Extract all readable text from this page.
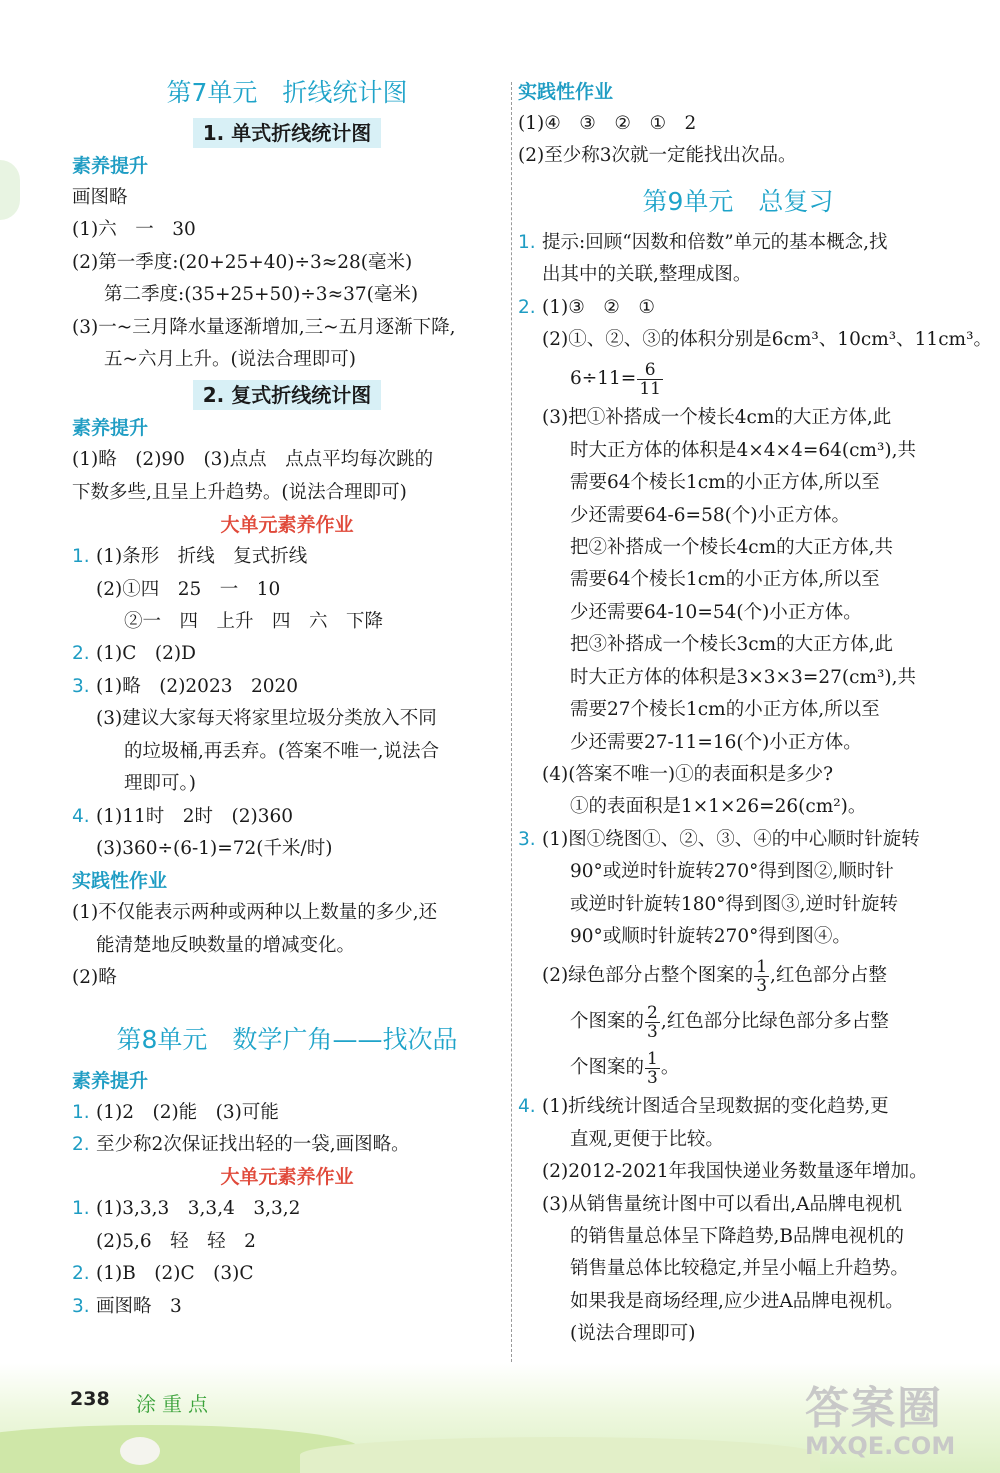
第7单元　折线统计图
1. 单式折线统计图
素养提升
画图略
(1)六　一　30
(2)第一季度:(20+25+40)÷3≈28(毫米)
第二季度:(35+25+50)÷3≈37(毫米)
(3)一~三月降水量逐渐增加,三~五月逐渐下降,
五~六月上升。(说法合理即可)
2. 复式折线统计图
素养提升
(1)略　(2)90　(3)点点　点点平均每次跳的
下数多些,且呈上升趋势。(说法合理即可)
大单元素养作业
1. (1)条形　折线　复式折线
(2)①四　25　一　10
②一　四　上升　四　六　下降
2. (1)C　(2)D
3. (1)略　(2)2023　2020
(3)建议大家每天将家里垃圾分类放入不同
的垃圾桶,再丢弃。(答案不唯一,说法合
理即可。)
4. (1)11时　2时　(2)360
(3)360÷(6-1)=72(千米/时)
实践性作业
(1)不仅能表示两种或两种以上数量的多少,还
能清楚地反映数量的增减变化。
(2)略
第8单元　数学广角——找次品
素养提升
1. (1)2　(2)能　(3)可能
2. 至少称2次保证找出轻的一袋,画图略。
大单元素养作业
1. (1)3,3,3　3,3,4　3,3,2
(2)5,6　轻　轻　2
2. (1)B　(2)C　(3)C
3. 画图略　3
实践性作业
(1)④　③　②　①　2
(2)至少称3次就一定能找出次品。
第9单元　总复习
1. 提示:回顾“因数和倍数”单元的基本概念,找
出其中的关联,整理成图。
2. (1)③　②　①
(2)①、②、③的体积分别是6cm³、10cm³、11cm³。
$6\div 11= \frac{6}{11}$
(3)把①补搭成一个棱长4cm的大正方体,此
时大正方体的体积是4×4×4=64(cm³),共
需要64个棱长1cm的小正方体,所以至
少还需要64-6=58(个)小正方体。
把②补搭成一个棱长4cm的大正方体,共
需要64个棱长1cm的小正方体,所以至
少还需要64-10=54(个)小正方体。
把③补搭成一个棱长3cm的大正方体,此
时大正方体的体积是3×3×3=27(cm³),共
需要27个棱长1cm的小正方体,所以至
少还需要27-11=16(个)小正方体。
(4)(答案不唯一)①的表面积是多少?
①的表面积是1×1×26=26(cm²)。
3. (1)图①绕图①、②、③、④的中心顺时针旋转
90°或逆时针旋转270°得到图②,顺时针
或逆时针旋转180°得到图③,逆时针旋转
90°或顺时针旋转270°得到图④。
(2)绿色部分占整个图案的 $\frac{1}{3}$ ,红色部分占整
个图案的 $\frac{2}{3}$ ,红色部分比绿色部分多占整
个图案的 $\frac{1}{3}$ 。
4. (1)折线统计图适合呈现数据的变化趋势,更
直观,更便于比较。
(2)2012-2021年我国快递业务数量逐年增加。
(3)从销售量统计图中可以看出,A品牌电视机
的销售量总体呈下降趋势,B品牌电视机的
销售量总体比较稳定,并呈小幅上升趋势。
如果我是商场经理,应少进A品牌电视机。
(说法合理即可)
238 涂重点	答案圈
MXQE.COM
